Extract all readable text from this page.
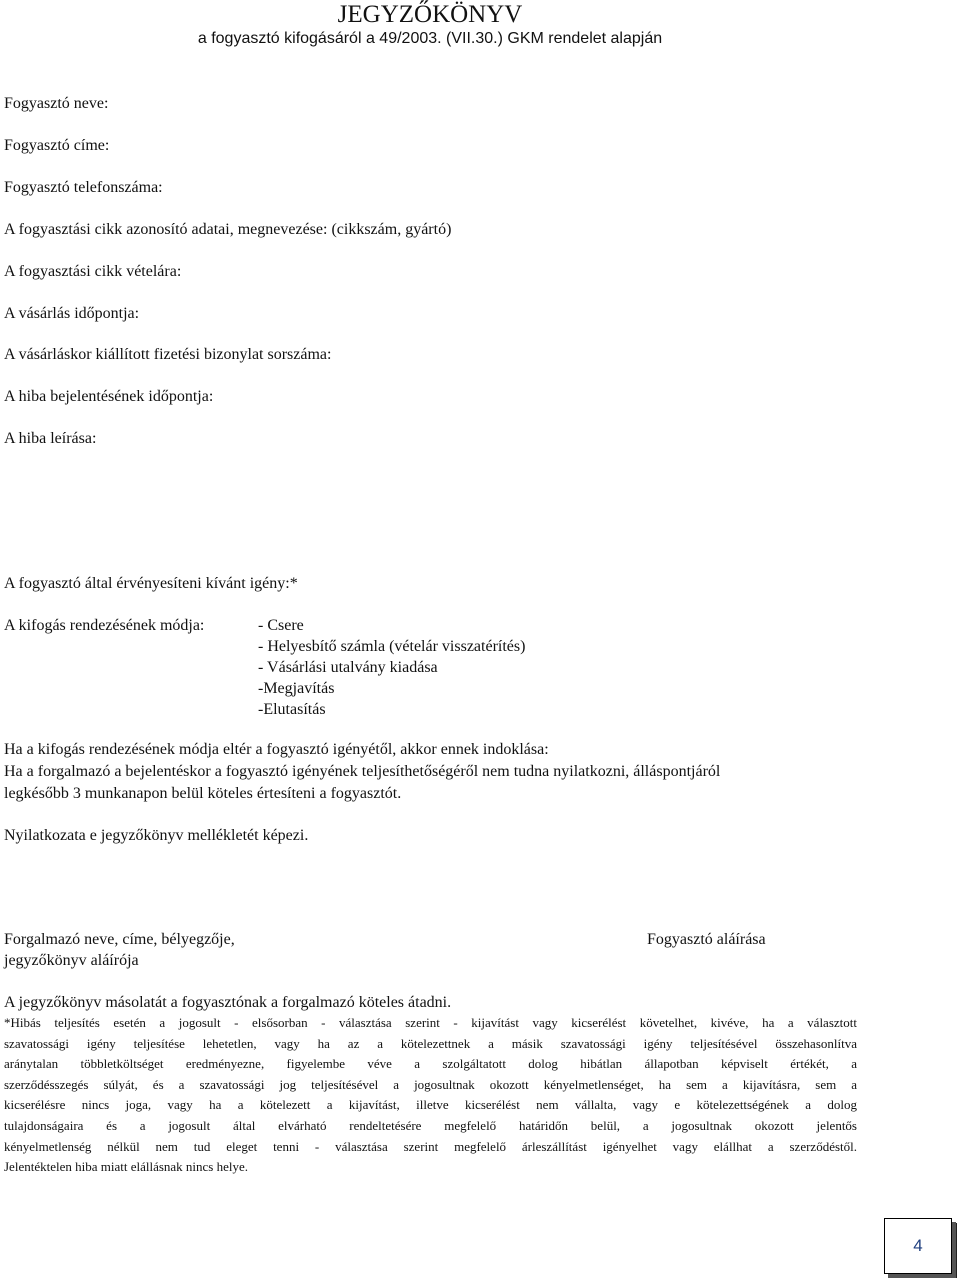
JEGYZŐKÖNYV
a fogyasztó kifogásáról a 49/2003. (VII.30.) GKM rendelet alapján
Fogyasztó neve:
Fogyasztó címe:
Fogyasztó telefonszáma:
A fogyasztási cikk azonosító adatai, megnevezése: (cikkszám, gyártó)
A fogyasztási cikk vételára:
A vásárlás időpontja:
A vásárláskor kiállított fizetési bizonylat sorszáma:
A hiba bejelentésének időpontja:
A hiba leírása:
A fogyasztó által érvényesíteni kívánt igény:*
A kifogás rendezésének módja:	- Csere
- Helyesbítő számla (vételár visszatérítés)
- Vásárlási utalvány kiadása
-Megjavítás
-Elutasítás
Ha a kifogás rendezésének módja eltér a fogyasztó igényétől, akkor ennek indoklása:
Ha a forgalmazó a bejelentéskor a fogyasztó igényének teljesíthetőségéről nem tudna nyilatkozni, álláspontjáról
legkésőbb 3 munkanapon belül köteles értesíteni a fogyasztót.
Nyilatkozata e jegyzőkönyv mellékletét képezi.
Forgalmazó neve, címe, bélyegzője,
jegyzőkönyv aláírója
Fogyasztó aláírása
A jegyzőkönyv másolatát a fogyasztónak a forgalmazó köteles átadni.

*Hibás teljesítés esetén a jogosult - elsősorban - választása szerint - kijavítást vagy kicserélést követelhet, kivéve, ha a választott

szavatossági igény teljesítése lehetetlen, vagy ha az a kötelezettnek a másik szavatossági igény teljesítésével összehasonlítva

aránytalan többletköltséget eredményezne, figyelembe véve a szolgáltatott dolog hibátlan állapotban képviselt értékét, a

szerződésszegés súlyát, és a szavatossági jog teljesítésével a jogosultnak okozott kényelmetlenséget, ha sem a kijavításra, sem a

kicserélésre nincs joga, vagy ha a kötelezett a kijavítást, illetve kicserélést nem vállalta, vagy e kötelezettségének a dolog

tulajdonságaira és a jogosult által elvárható rendeltetésére megfelelő határidőn belül, a jogosultnak okozott jelentős

kényelmetlenség nélkül nem tud eleget tenni - választása szerint megfelelő árleszállítást igényelhet vagy elállhat a szerződéstől.

Jelentéktelen hiba miatt elállásnak nincs helye.

4
